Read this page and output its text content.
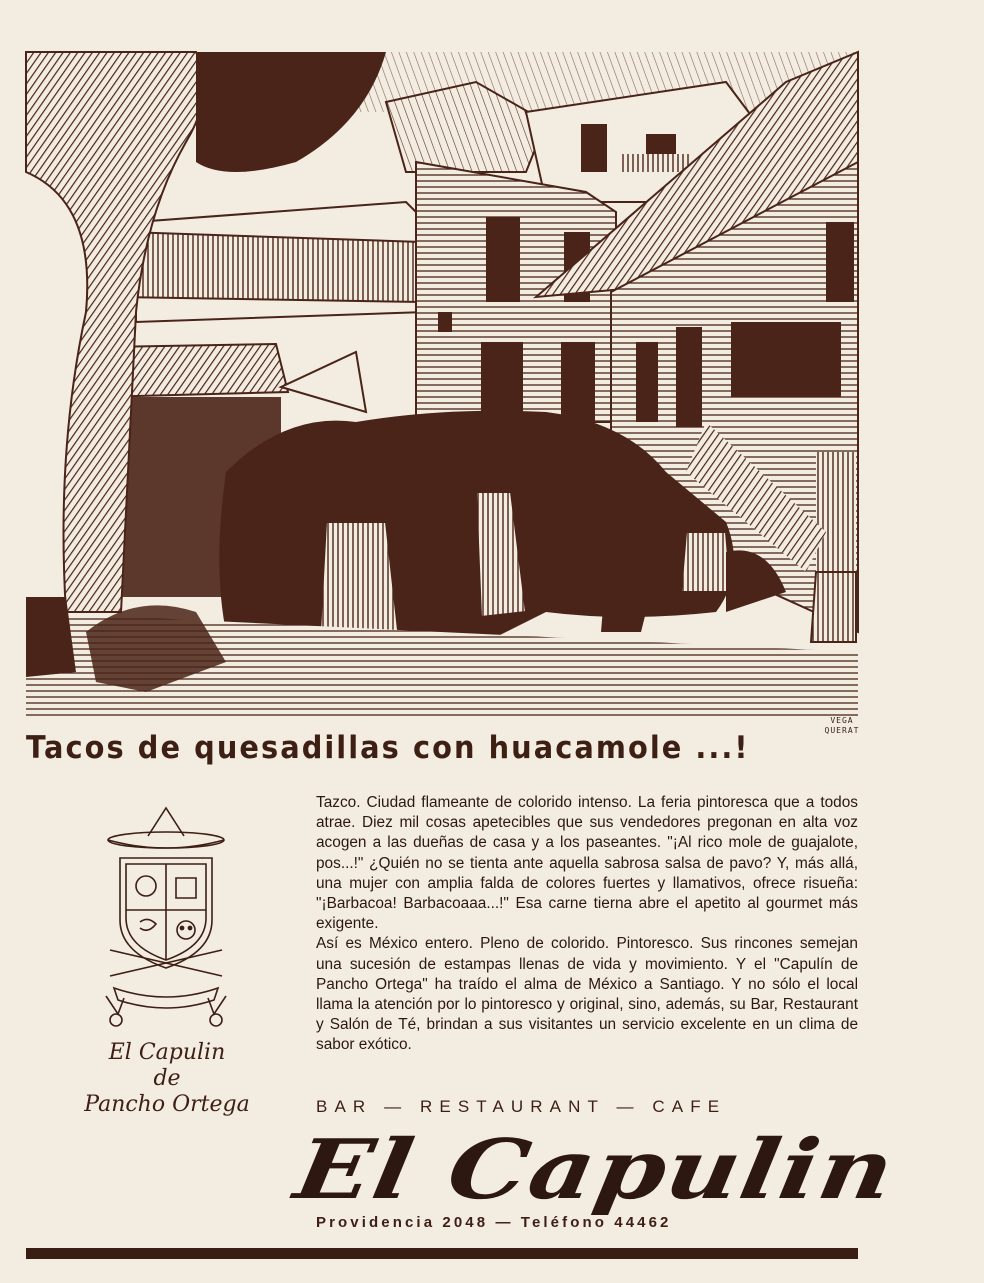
VEGA
QUERAT
Tacos de quesadillas con huacamole ...!
El Capulin
de
Pancho Ortega

Tazco. Ciudad flameante de colorido intenso. La feria pintoresca que a todos atrae. Diez mil cosas apetecibles que sus vendedores pregonan en alta voz acogen a las dueñas de casa y a los paseantes. "¡Al rico mole de guajalote, pos...!" ¿Quién no se tienta ante aquella sabrosa salsa de pavo? Y, más allá, una mujer con amplia falda de colores fuertes y llamativos, ofrece risueña: "¡Barbacoa! Barbacoaaa...!" Esa carne tierna abre el apetito al gourmet más exigente.

Así es México entero. Pleno de colorido. Pintoresco. Sus rincones semejan una sucesión de estampas llenas de vida y movimiento. Y el "Capulín de Pancho Ortega" ha traído el alma de México a Santiago. Y no sólo el local llama la atención por lo pintoresco y original, sino, además, su Bar, Restaurant y Salón de Té, brindan a sus visitantes un servicio excelente en un clima de sabor exótico.

BAR — RESTAURANT — CAFE
El Capulin
Providencia 2048 — Teléfono 44462
